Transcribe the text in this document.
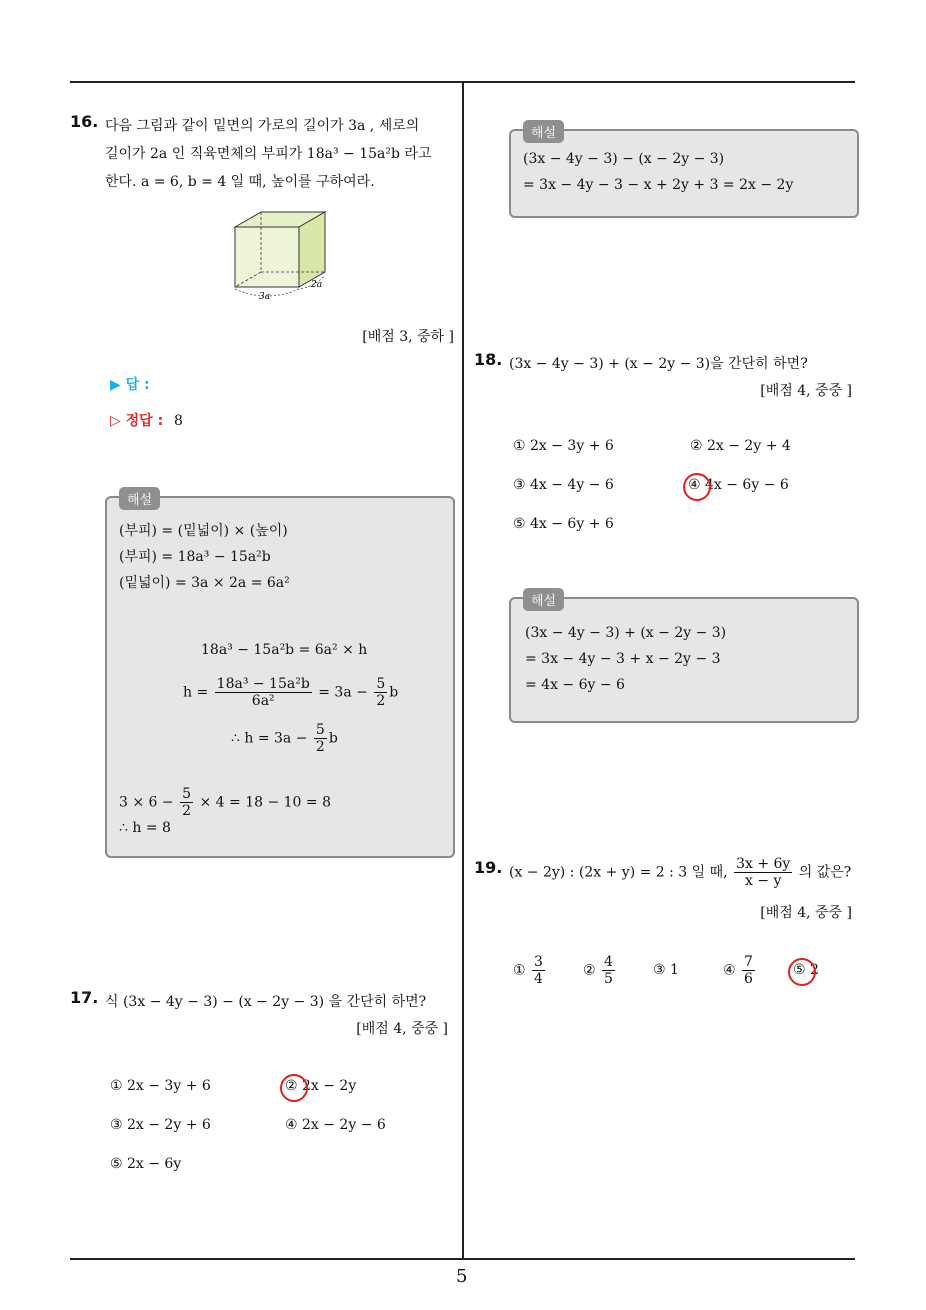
5
16. 다음 그림과 같이 밑면의 가로의 길이가 3a , 세로의
길이가 2a 인 직육면체의 부피가 18a³ − 15a²b 라고
한다. a = 6, b = 4 일 때, 높이를 구하여라.
3a
2a
[배점 3, 중하 ]
▶ 답 :
▷ 정답 : 8
해설
(부피) = (밑넓이) × (높이)
(부피) = 18a³ − 15a²b
(밑넓이) = 3a × 2a = 6a²
18a³ − 15a²b = 6a² × h
$h = \frac{\text{18a³ − 15a²b}}{\text{6a²}} = 3a - \frac{5}{2}$ b
∴ $h = 3a - \frac{5}{2}$ b
$3 \times 6 - \frac{5}{2} \times 4 = 18 - 10 = 8$
∴ h = 8
17. 식 (3x − 4y − 3) − (x − 2y − 3) 을 간단히 하면?
[배점 4, 중중 ]
① 2x − 3y + 6	② 2x − 2y
③ 2x − 2y + 6	④ 2x − 2y − 6
⑤ 2x − 6y
해설
(3x − 4y − 3) − (x − 2y − 3)
= 3x − 4y − 3 − x + 2y + 3 = 2x − 2y
18. (3x − 4y − 3) + (x − 2y − 3)을 간단히 하면?
[배점 4, 중중 ]
① 2x − 3y + 6	② 2x − 2y + 4
③ 4x − 4y − 6	④ 4x − 6y − 6
⑤ 4x − 6y + 6
해설
(3x − 4y − 3) + (x − 2y − 3)
= 3x − 4y − 3 + x − 2y − 3
= 4x − 6y − 6
19. (x − 2y) : (2x + y) = 2 : 3 일 때, $\frac{3x + 6y}{x - y}$ 의 값은?
[배점 4, 중중 ]
① $\frac{3}{4}$	② $\frac{4}{5}$	③ 1	④ $\frac{7}{6}$	⑤ 2
